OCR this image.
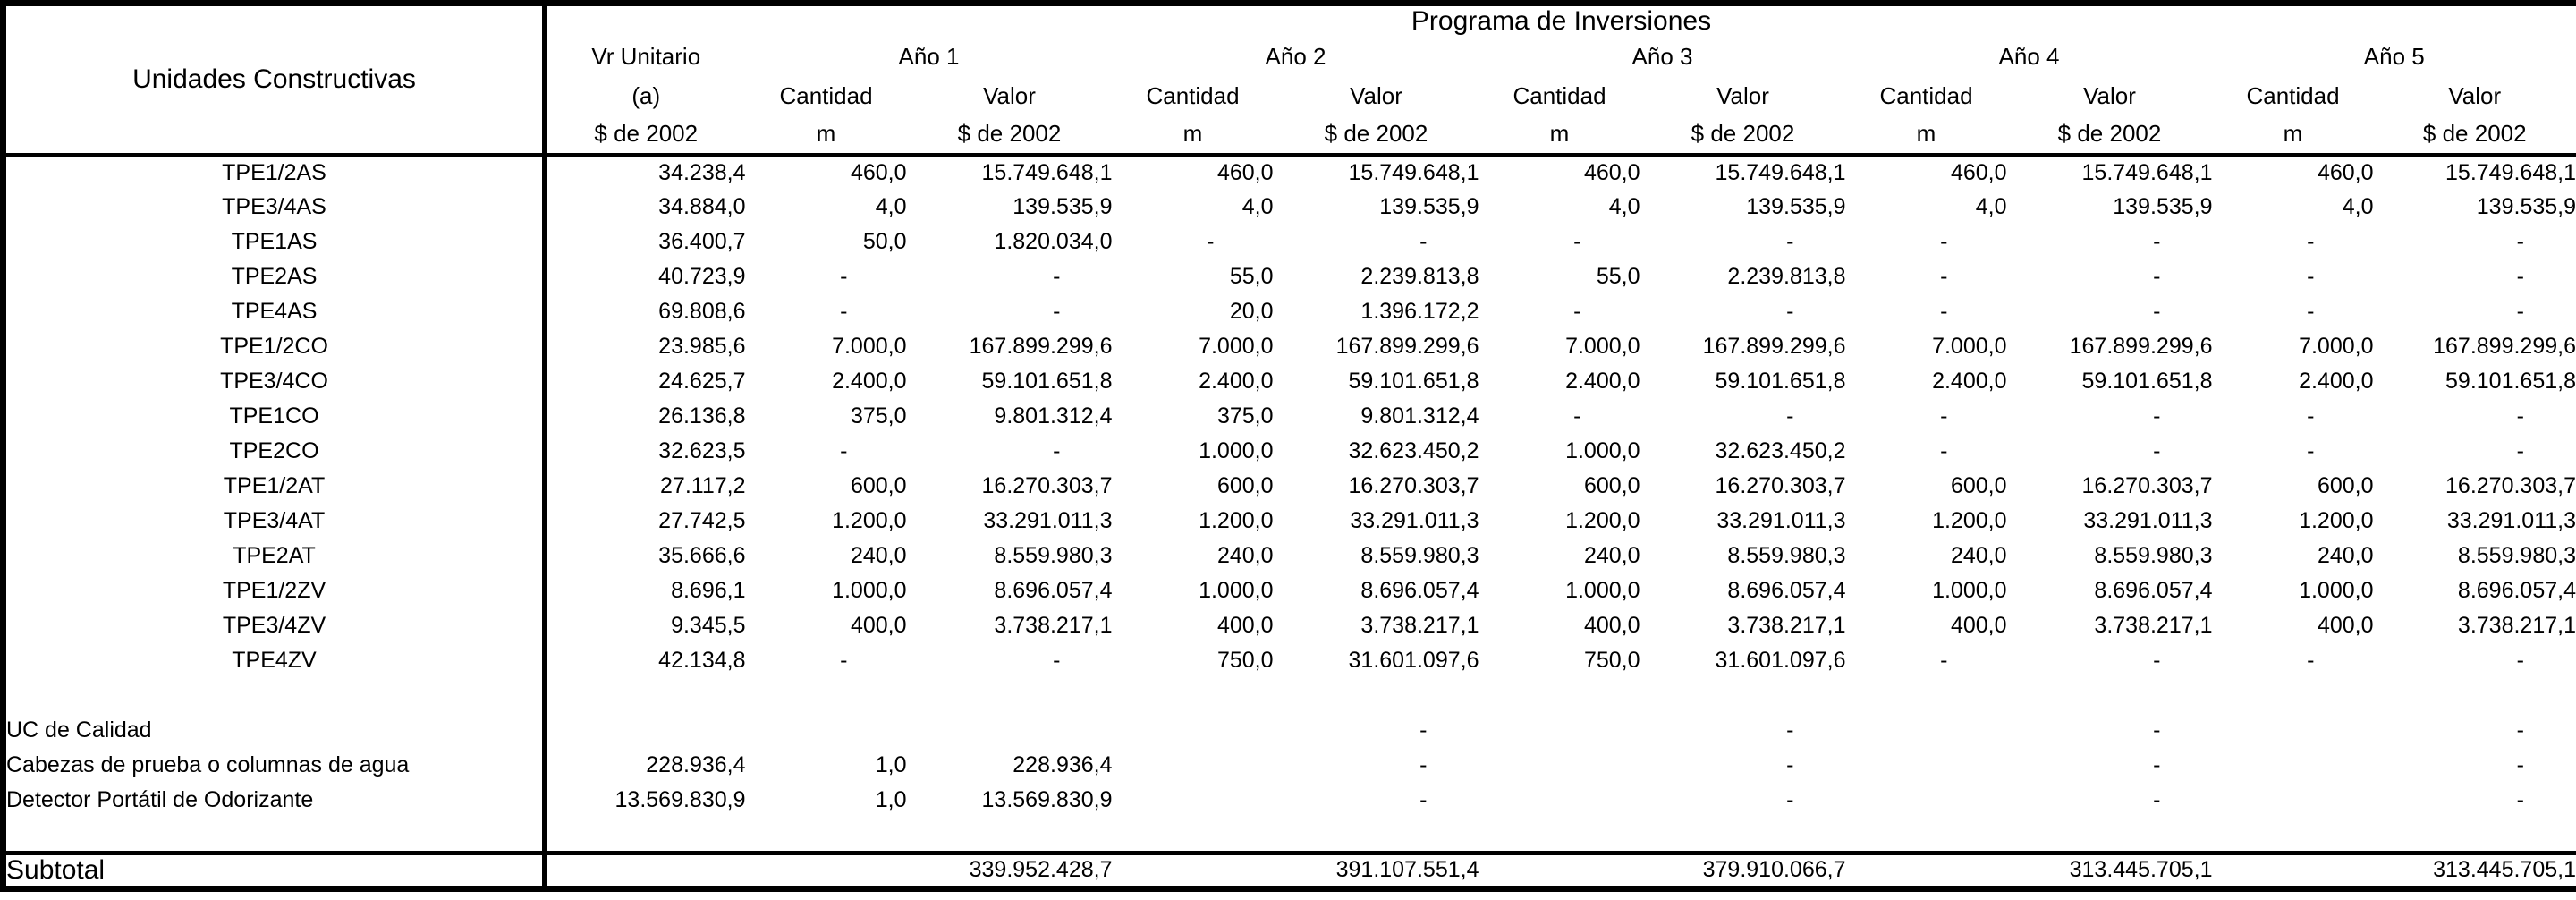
Unidades Constructivas	Programa de Inversiones										
	Vr Unitario	Año 1		Año 2		Año 3		Año 4		Año 5	
	(a)	Cantidad	Valor	Cantidad	Valor	Cantidad	Valor	Cantidad	Valor	Cantidad	Valor
	$ de 2002	m	$ de 2002	m	$ de 2002	m	$ de 2002	m	$ de 2002	m	$ de 2002
TPE1/2AS	34.238,4	460,0	15.749.648,1	460,0	15.749.648,1	460,0	15.749.648,1	460,0	15.749.648,1	460,0	15.749.648,1
TPE3/4AS	34.884,0	4,0	139.535,9	4,0	139.535,9	4,0	139.535,9	4,0	139.535,9	4,0	139.535,9
TPE1AS	36.400,7	50,0	1.820.034,0	-	-	-	-	-	-	-	-
TPE2AS	40.723,9	-	-	55,0	2.239.813,8	55,0	2.239.813,8	-	-	-	-
TPE4AS	69.808,6	-	-	20,0	1.396.172,2	-	-	-	-	-	-
TPE1/2CO	23.985,6	7.000,0	167.899.299,6	7.000,0	167.899.299,6	7.000,0	167.899.299,6	7.000,0	167.899.299,6	7.000,0	167.899.299,6
TPE3/4CO	24.625,7	2.400,0	59.101.651,8	2.400,0	59.101.651,8	2.400,0	59.101.651,8	2.400,0	59.101.651,8	2.400,0	59.101.651,8
TPE1CO	26.136,8	375,0	9.801.312,4	375,0	9.801.312,4	-	-	-	-	-	-
TPE2CO	32.623,5	-	-	1.000,0	32.623.450,2	1.000,0	32.623.450,2	-	-	-	-
TPE1/2AT	27.117,2	600,0	16.270.303,7	600,0	16.270.303,7	600,0	16.270.303,7	600,0	16.270.303,7	600,0	16.270.303,7
TPE3/4AT	27.742,5	1.200,0	33.291.011,3	1.200,0	33.291.011,3	1.200,0	33.291.011,3	1.200,0	33.291.011,3	1.200,0	33.291.011,3
TPE2AT	35.666,6	240,0	8.559.980,3	240,0	8.559.980,3	240,0	8.559.980,3	240,0	8.559.980,3	240,0	8.559.980,3
TPE1/2ZV	8.696,1	1.000,0	8.696.057,4	1.000,0	8.696.057,4	1.000,0	8.696.057,4	1.000,0	8.696.057,4	1.000,0	8.696.057,4
TPE3/4ZV	9.345,5	400,0	3.738.217,1	400,0	3.738.217,1	400,0	3.738.217,1	400,0	3.738.217,1	400,0	3.738.217,1
TPE4ZV	42.134,8	-	-	750,0	31.601.097,6	750,0	31.601.097,6	-	-	-	-

UC de Calidad					-		-		-		-
Cabezas de prueba o columnas de agua	228.936,4	1,0	228.936,4		-		-		-		-
Detector Portátil de Odorizante	13.569.830,9	1,0	13.569.830,9		-		-		-		-

Subtotal			339.952.428,7		391.107.551,4		379.910.066,7		313.445.705,1		313.445.705,1
